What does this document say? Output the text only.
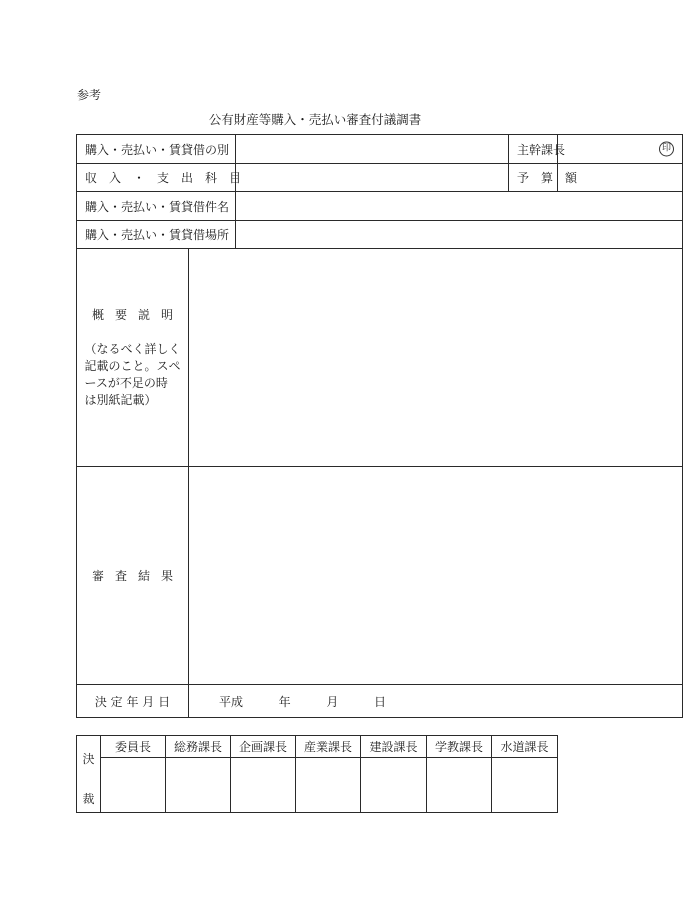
参考
公有財産等購入・売払い審査付議調書
購入・売払い・賃貸借の別			主幹課長	印

収　入　・　支　出　科　目			予　算　額	
購入・売払い・賃貸借件名				
購入・売払い・賃貸借場所				

概要説明
（なるべく詳しく
記載のこと。スペ
ースが不足の時
は別紙記載）				

審査結果				

決 定 年 月 日	平成 年 月 日			
決
裁	委員長	総務課長	企画課長	産業課長	建設課長	学教課長	水道課長
